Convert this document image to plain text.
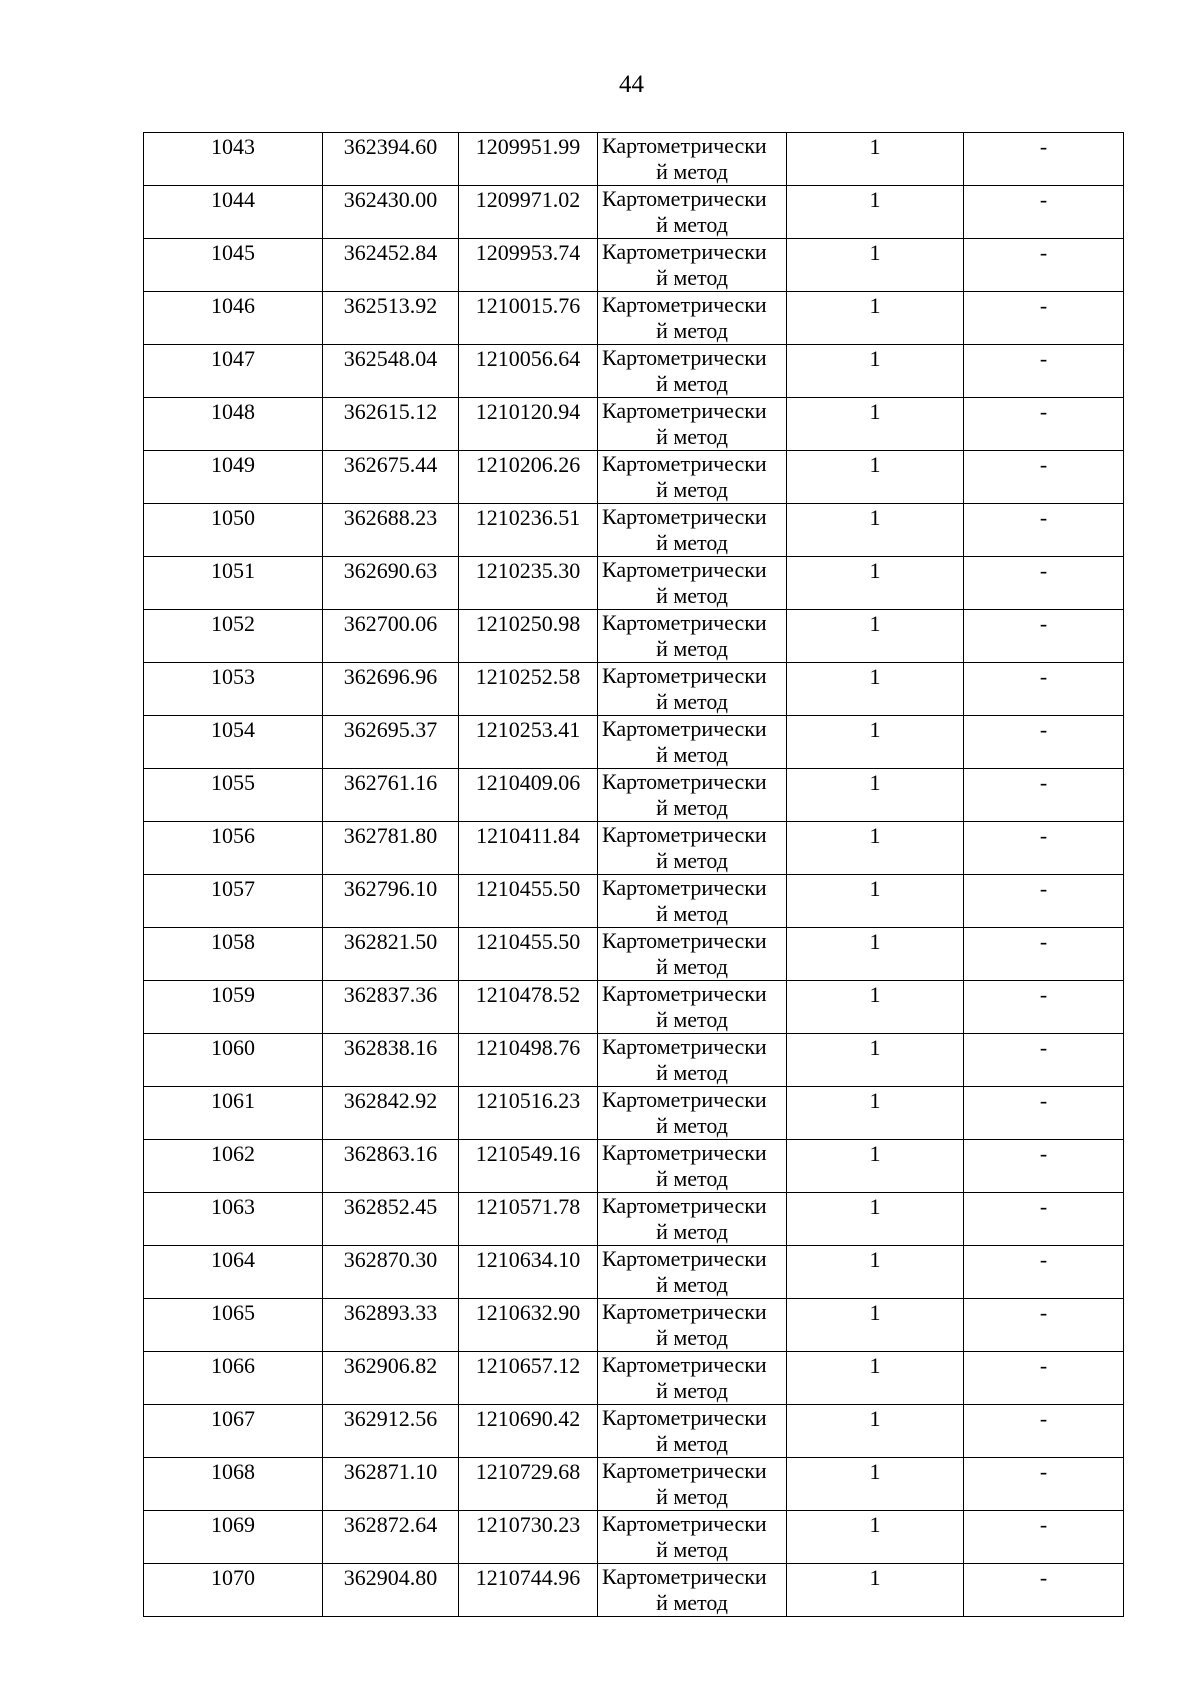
44
1043	362394.60	1209951.99	Картометрически
й метод	1	-
1044	362430.00	1209971.02	Картометрически
й метод	1	-
1045	362452.84	1209953.74	Картометрически
й метод	1	-
1046	362513.92	1210015.76	Картометрически
й метод	1	-
1047	362548.04	1210056.64	Картометрически
й метод	1	-
1048	362615.12	1210120.94	Картометрически
й метод	1	-
1049	362675.44	1210206.26	Картометрически
й метод	1	-
1050	362688.23	1210236.51	Картометрически
й метод	1	-
1051	362690.63	1210235.30	Картометрически
й метод	1	-
1052	362700.06	1210250.98	Картометрически
й метод	1	-
1053	362696.96	1210252.58	Картометрически
й метод	1	-
1054	362695.37	1210253.41	Картометрически
й метод	1	-
1055	362761.16	1210409.06	Картометрически
й метод	1	-
1056	362781.80	1210411.84	Картометрически
й метод	1	-
1057	362796.10	1210455.50	Картометрически
й метод	1	-
1058	362821.50	1210455.50	Картометрически
й метод	1	-
1059	362837.36	1210478.52	Картометрически
й метод	1	-
1060	362838.16	1210498.76	Картометрически
й метод	1	-
1061	362842.92	1210516.23	Картометрически
й метод	1	-
1062	362863.16	1210549.16	Картометрически
й метод	1	-
1063	362852.45	1210571.78	Картометрически
й метод	1	-
1064	362870.30	1210634.10	Картометрически
й метод	1	-
1065	362893.33	1210632.90	Картометрически
й метод	1	-
1066	362906.82	1210657.12	Картометрически
й метод	1	-
1067	362912.56	1210690.42	Картометрически
й метод	1	-
1068	362871.10	1210729.68	Картометрически
й метод	1	-
1069	362872.64	1210730.23	Картометрически
й метод	1	-
1070	362904.80	1210744.96	Картометрически
й метод	1	-
